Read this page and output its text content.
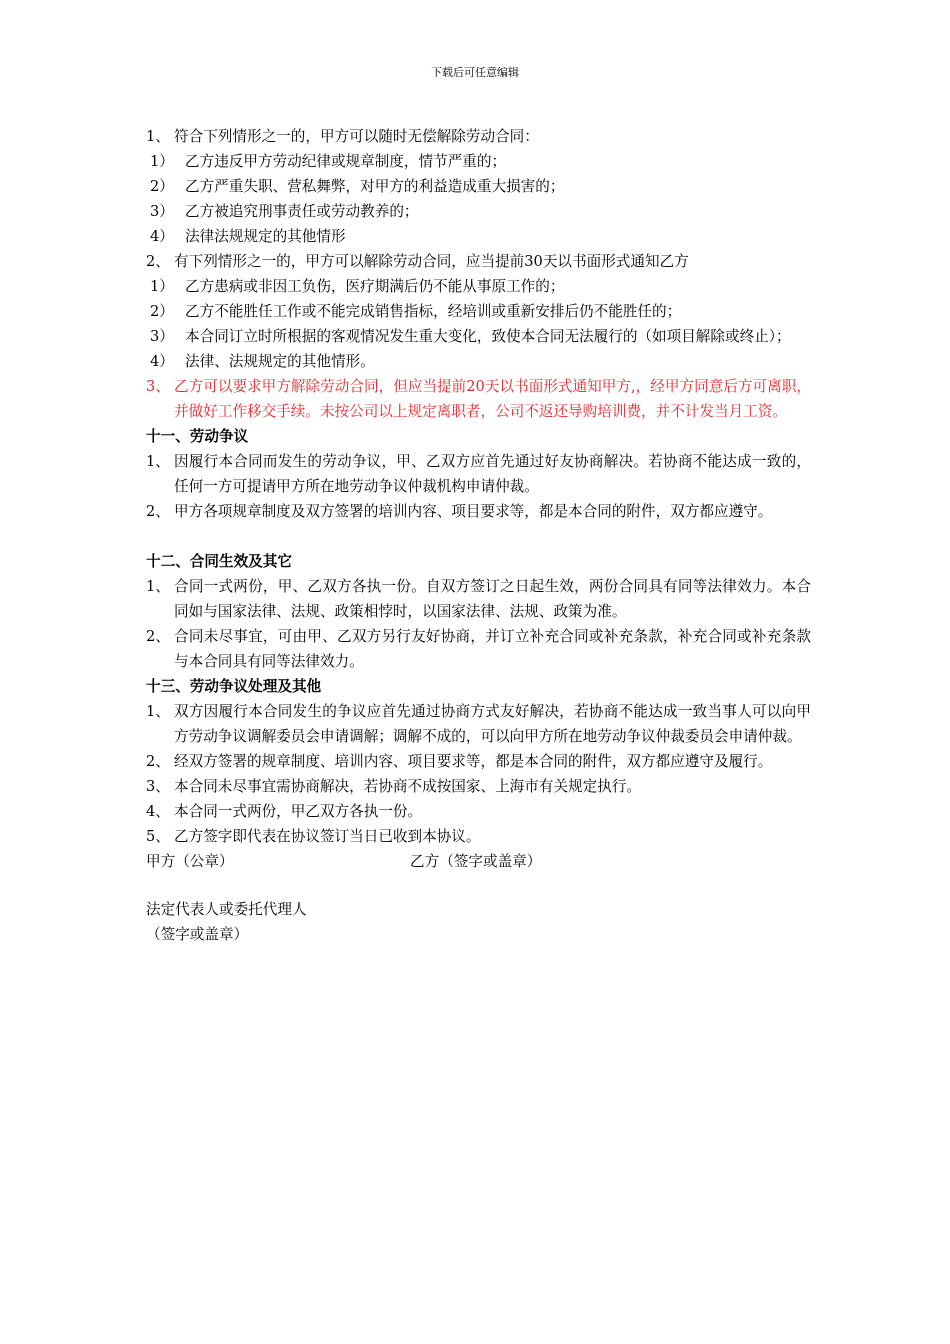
下载后可任意编辑
1、 符合下列情形之一的，甲方可以随时无偿解除劳动合同：
1） 乙方违反甲方劳动纪律或规章制度，情节严重的；
2） 乙方严重失职、营私舞弊，对甲方的利益造成重大损害的；
3） 乙方被追究刑事责任或劳动教养的；
4） 法律法规规定的其他情形
2、 有下列情形之一的，甲方可以解除劳动合同，应当提前30天以书面形式通知乙方
1） 乙方患病或非因工负伤，医疗期满后仍不能从事原工作的；
2） 乙方不能胜任工作或不能完成销售指标，经培训或重新安排后仍不能胜任的；
3） 本合同订立时所根据的客观情况发生重大变化，致使本合同无法履行的（如项目解除或终止）；
4） 法律、法规规定的其他情形。
3、 乙方可以要求甲方解除劳动合同，但应当提前20天以书面形式通知甲方,，经甲方同意后方可离职，并做好工作移交手续。未按公司以上规定离职者，公司不返还导购培训费，并不计发当月工资。
十一、劳动争议
1、 因履行本合同而发生的劳动争议，甲、乙双方应首先通过好友协商解决。若协商不能达成一致的，任何一方可提请甲方所在地劳动争议仲裁机构申请仲裁。
2、 甲方各项规章制度及双方签署的培训内容、项目要求等，都是本合同的附件，双方都应遵守。
十二、合同生效及其它
1、 合同一式两份，甲、乙双方各执一份。自双方签订之日起生效，两份合同具有同等法律效力。本合同如与国家法律、法规、政策相悖时，以国家法律、法规、政策为准。
2、 合同未尽事宜，可由甲、乙双方另行友好协商，并订立补充合同或补充条款，补充合同或补充条款与本合同具有同等法律效力。
十三、劳动争议处理及其他
1、 双方因履行本合同发生的争议应首先通过协商方式友好解决，若协商不能达成一致当事人可以向甲方劳动争议调解委员会申请调解；调解不成的，可以向甲方所在地劳动争议仲裁委员会申请仲裁。
2、 经双方签署的规章制度、培训内容、项目要求等，都是本合同的附件，双方都应遵守及履行。
3、 本合同未尽事宜需协商解决，若协商不成按国家、上海市有关规定执行。
4、 本合同一式两份，甲乙双方各执一份。
5、 乙方签字即代表在协议签订当日已收到本协议。
甲方（公章）	乙方（签字或盖章）
法定代表人或委托代理人
（签字或盖章）
